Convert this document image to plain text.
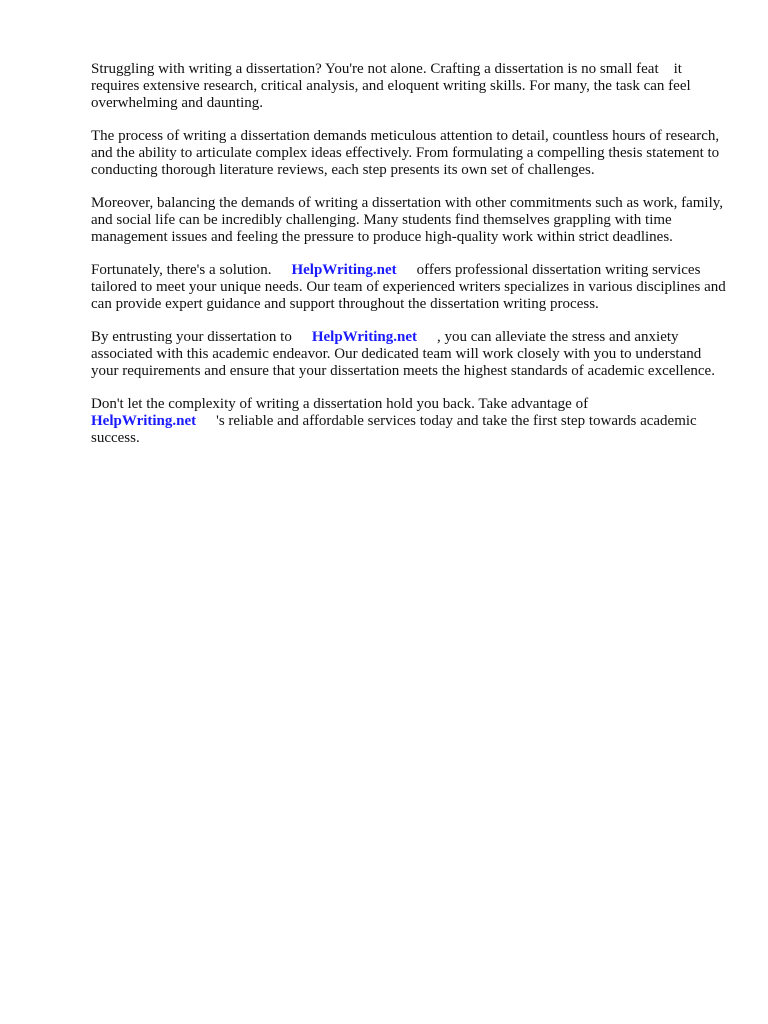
Struggling with writing a dissertation? You're not alone. Crafting a dissertation is no small feat  it requires extensive research, critical analysis, and eloquent writing skills. For many, the task can feel overwhelming and daunting.

The process of writing a dissertation demands meticulous attention to detail, countless hours of research, and the ability to articulate complex ideas effectively. From formulating a compelling thesis statement to conducting thorough literature reviews, each step presents its own set of challenges.

Moreover, balancing the demands of writing a dissertation with other commitments such as work, family, and social life can be incredibly challenging. Many students find themselves grappling with time management issues and feeling the pressure to produce high-quality work within strict deadlines.

Fortunately, there's a solution. HelpWriting.net offers professional dissertation writing services tailored to meet your unique needs. Our team of experienced writers specializes in various disciplines and can provide expert guidance and support throughout the dissertation writing process.

By entrusting your dissertation to HelpWriting.net , you can alleviate the stress and anxiety associated with this academic endeavor. Our dedicated team will work closely with you to understand your requirements and ensure that your dissertation meets the highest standards of academic excellence.

Don't let the complexity of writing a dissertation hold you back. Take advantage of
HelpWriting.net 's reliable and affordable services today and take the first step towards academic success.
